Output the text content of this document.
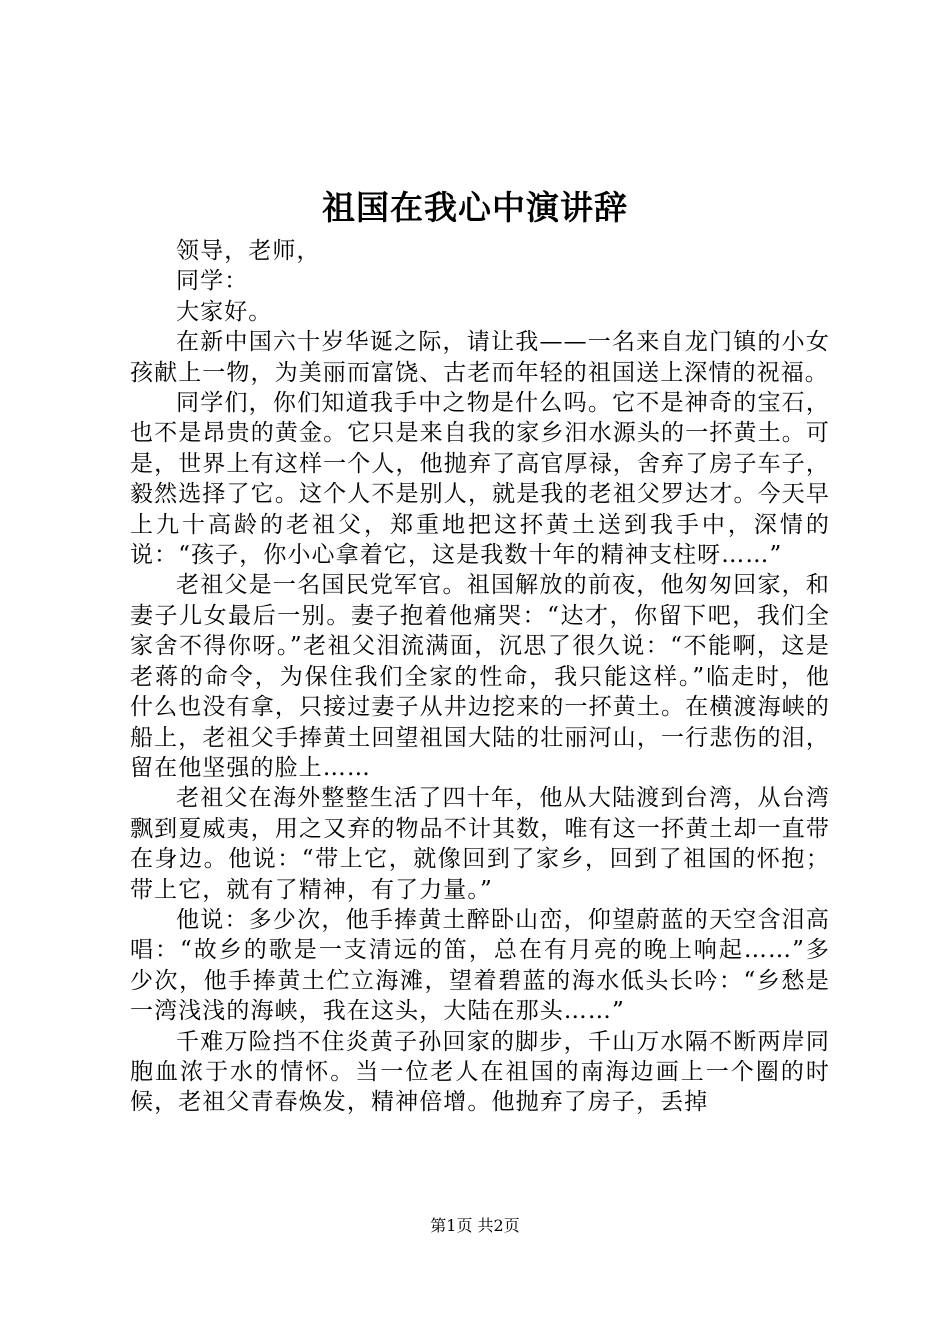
祖国在我心中演讲辞

领导，老师，

同学：

大家好。

在新中国六十岁华诞之际，请让我——一名来自龙门镇的小女孩献上一物，为美丽而富饶、古老而年轻的祖国送上深情的祝福。

同学们，你们知道我手中之物是什么吗。它不是神奇的宝石，也不是昂贵的黄金。它只是来自我的家乡汨水源头的一抔黄土。可是，世界上有这样一个人，他抛弃了高官厚禄，舍弃了房子车子，毅然选择了它。这个人不是别人，就是我的老祖父罗达才。今天早上九十高龄的老祖父，郑重地把这抔黄土送到我手中，深情的说：“孩子，你小心拿着它，这是我数十年的精神支柱呀……”

老祖父是一名国民党军官。祖国解放的前夜，他匆匆回家，和妻子儿女最后一别。妻子抱着他痛哭：“达才，你留下吧，我们全家舍不得你呀。”老祖父泪流满面，沉思了很久说：“不能啊，这是老蒋的命令，为保住我们全家的性命，我只能这样。”临走时，他什么也没有拿，只接过妻子从井边挖来的一抔黄土。在横渡海峡的船上，老祖父手捧黄土回望祖国大陆的壮丽河山，一行悲伤的泪，留在他坚强的脸上……

老祖父在海外整整生活了四十年，他从大陆渡到台湾，从台湾飘到夏威夷，用之又弃的物品不计其数，唯有这一抔黄土却一直带在身边。他说：“带上它，就像回到了家乡，回到了祖国的怀抱；带上它，就有了精神，有了力量。”

他说：多少次，他手捧黄土醉卧山峦，仰望蔚蓝的天空含泪高唱：“故乡的歌是一支清远的笛，总在有月亮的晚上响起……”多少次，他手捧黄土伫立海滩，望着碧蓝的海水低头长吟：“乡愁是一湾浅浅的海峡，我在这头，大陆在那头……”

千难万险挡不住炎黄子孙回家的脚步，千山万水隔不断两岸同胞血浓于水的情怀。当一位老人在祖国的南海边画上一个圈的时候，老祖父青春焕发，精神倍增。他抛弃了房子，丢掉

第1页 共2页
